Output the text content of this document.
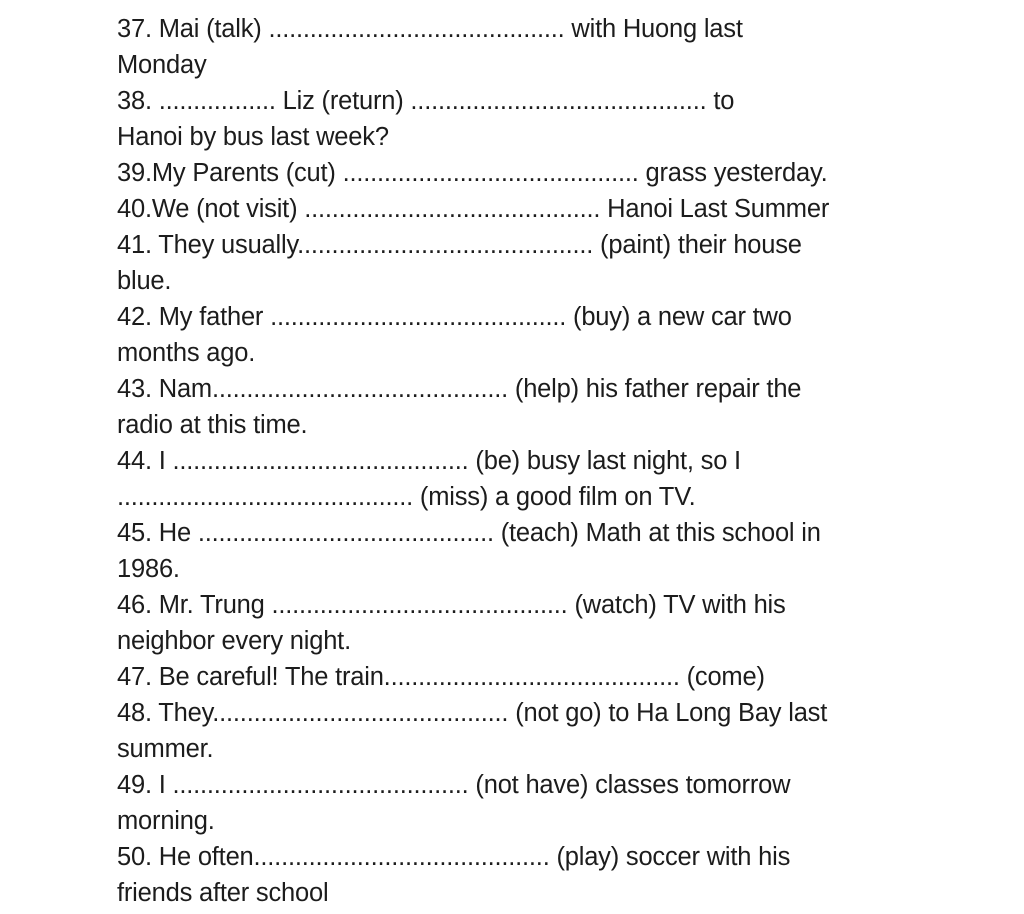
37. Mai (talk) ........................................... with Huong last
Monday
38. ................. Liz (return) ........................................... to
Hanoi by bus last week?
39.My Parents (cut) ........................................... grass yesterday.
40.We (not visit) ........................................... Hanoi Last Summer
41. They usually........................................... (paint) their house
blue.
42. My father ........................................... (buy) a new car two
months ago.
43. Nam........................................... (help) his father repair the
radio at this time.
44. I ........................................... (be) busy last night, so I
........................................... (miss) a good film on TV.
45. He ........................................... (teach) Math at this school in
1986.
46. Mr. Trung ........................................... (watch) TV with his
neighbor every night.
47. Be careful! The train........................................... (come)
48. They........................................... (not go) to Ha Long Bay last
summer.
49. I ........................................... (not have) classes tomorrow
morning.
50. He often........................................... (play) soccer with his
friends after school
